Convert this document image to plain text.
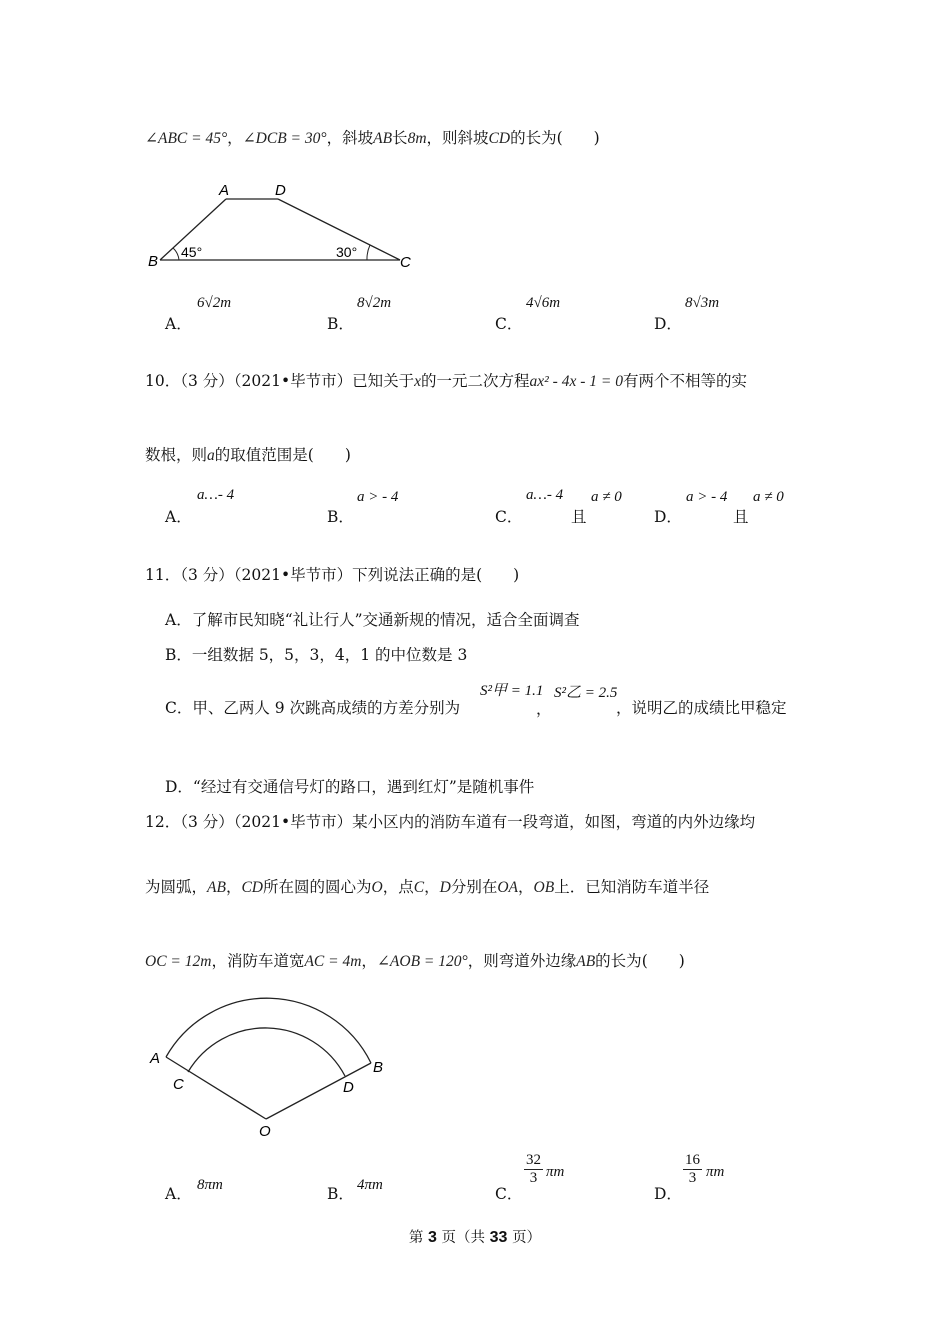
∠ABC = 45°，∠DCB = 30°，斜坡AB长8m，则斜坡CD的长为(　　)
B
A	D
C
45°	30°
A．
6√2m
B．
8√2m
C．
4√6m
D．
8√3m
10．（3 分）（2021•毕节市）已知关于x的一元二次方程ax² - 4x - 1 = 0有两个不相等的实
数根，则a的取值范围是(　　)
A．
a…- 4
B．
a > - 4
C．
a…- 4
且
a ≠ 0
D．
a > - 4
且
a ≠ 0
11．（3 分）（2021•毕节市）下列说法正确的是(　　)
A．了解市民知晓“礼让行人”交通新规的情况，适合全面调查
B．一组数据 5，5，3，4，1 的中位数是 3
C．甲、乙两人 9 次跳高成绩的方差分别为
S²甲 = 1.1
，
S²乙 = 2.5
，说明乙的成绩比甲稳定
D．“经过有交通信号灯的路口，遇到红灯”是随机事件
12．（3 分）（2021•毕节市）某小区内的消防车道有一段弯道，如图，弯道的内外边缘均
为圆弧，AB，CD所在圆的圆心为O，点C，D分别在OA，OB上．已知消防车道半径
OC = 12m，消防车道宽AC = 4m，∠AOB = 120°，则弯道外边缘AB的长为(　　)
A
C	D
B
O
A． 8πm	B． 4πm	C．
$\frac{32}{3}$ πm
D．
$\frac{16}{3}$ πm
第 3 页（共 33 页）
